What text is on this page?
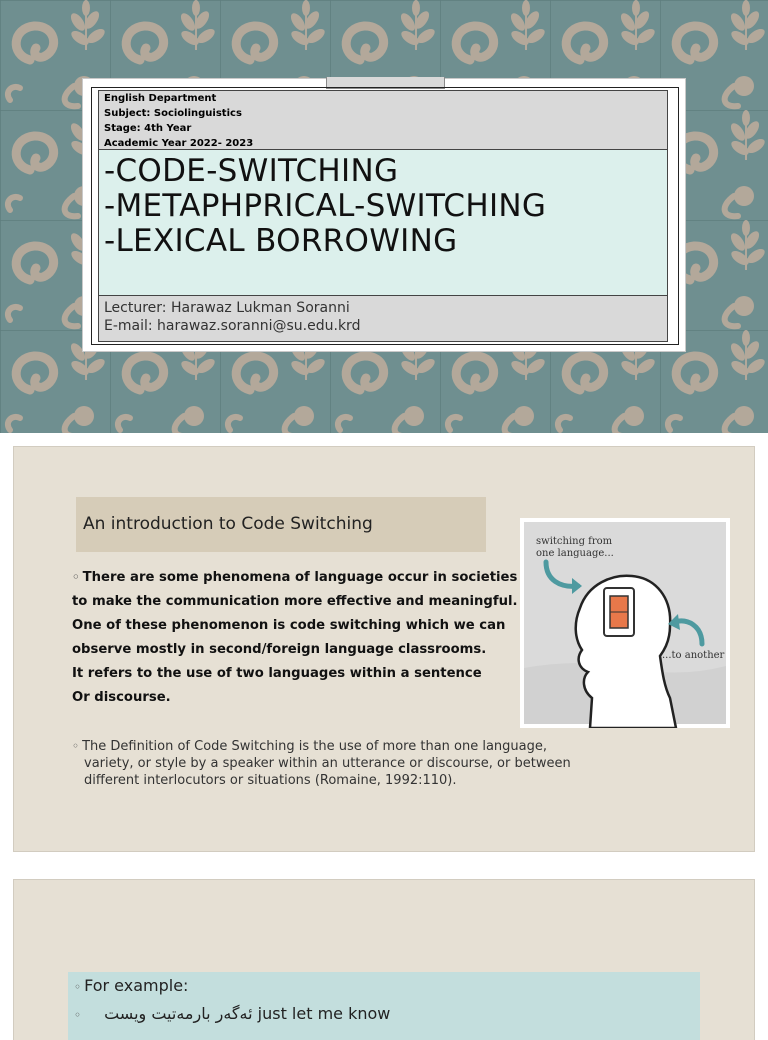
English Department
Subject: Sociolinguistics
Stage: 4th Year
Academic Year 2022- 2023
-CODE-SWITCHING
-METAPHPRICAL-SWITCHING
-LEXICAL BORROWING
Lecturer: Harawaz Lukman Soranni
E-mail: harawaz.soranni@su.edu.krd
An introduction to Code Switching
◦ There are some phenomena of language occur in societies
to make the communication more effective and meaningful.
One of these phenomenon is code switching which we can
observe mostly in second/foreign language classrooms.
It refers to the use of two languages within a sentence
Or discourse.
switching from
one language...
...to another
◦ The Definition of Code Switching is the use of more than one language,
variety, or style by a speaker within an utterance or discourse, or between
different interlocutors or situations (Romaine, 1992:110).
◦ For example:
◦ ئەگەر بارمەتیت ویست just let me know
